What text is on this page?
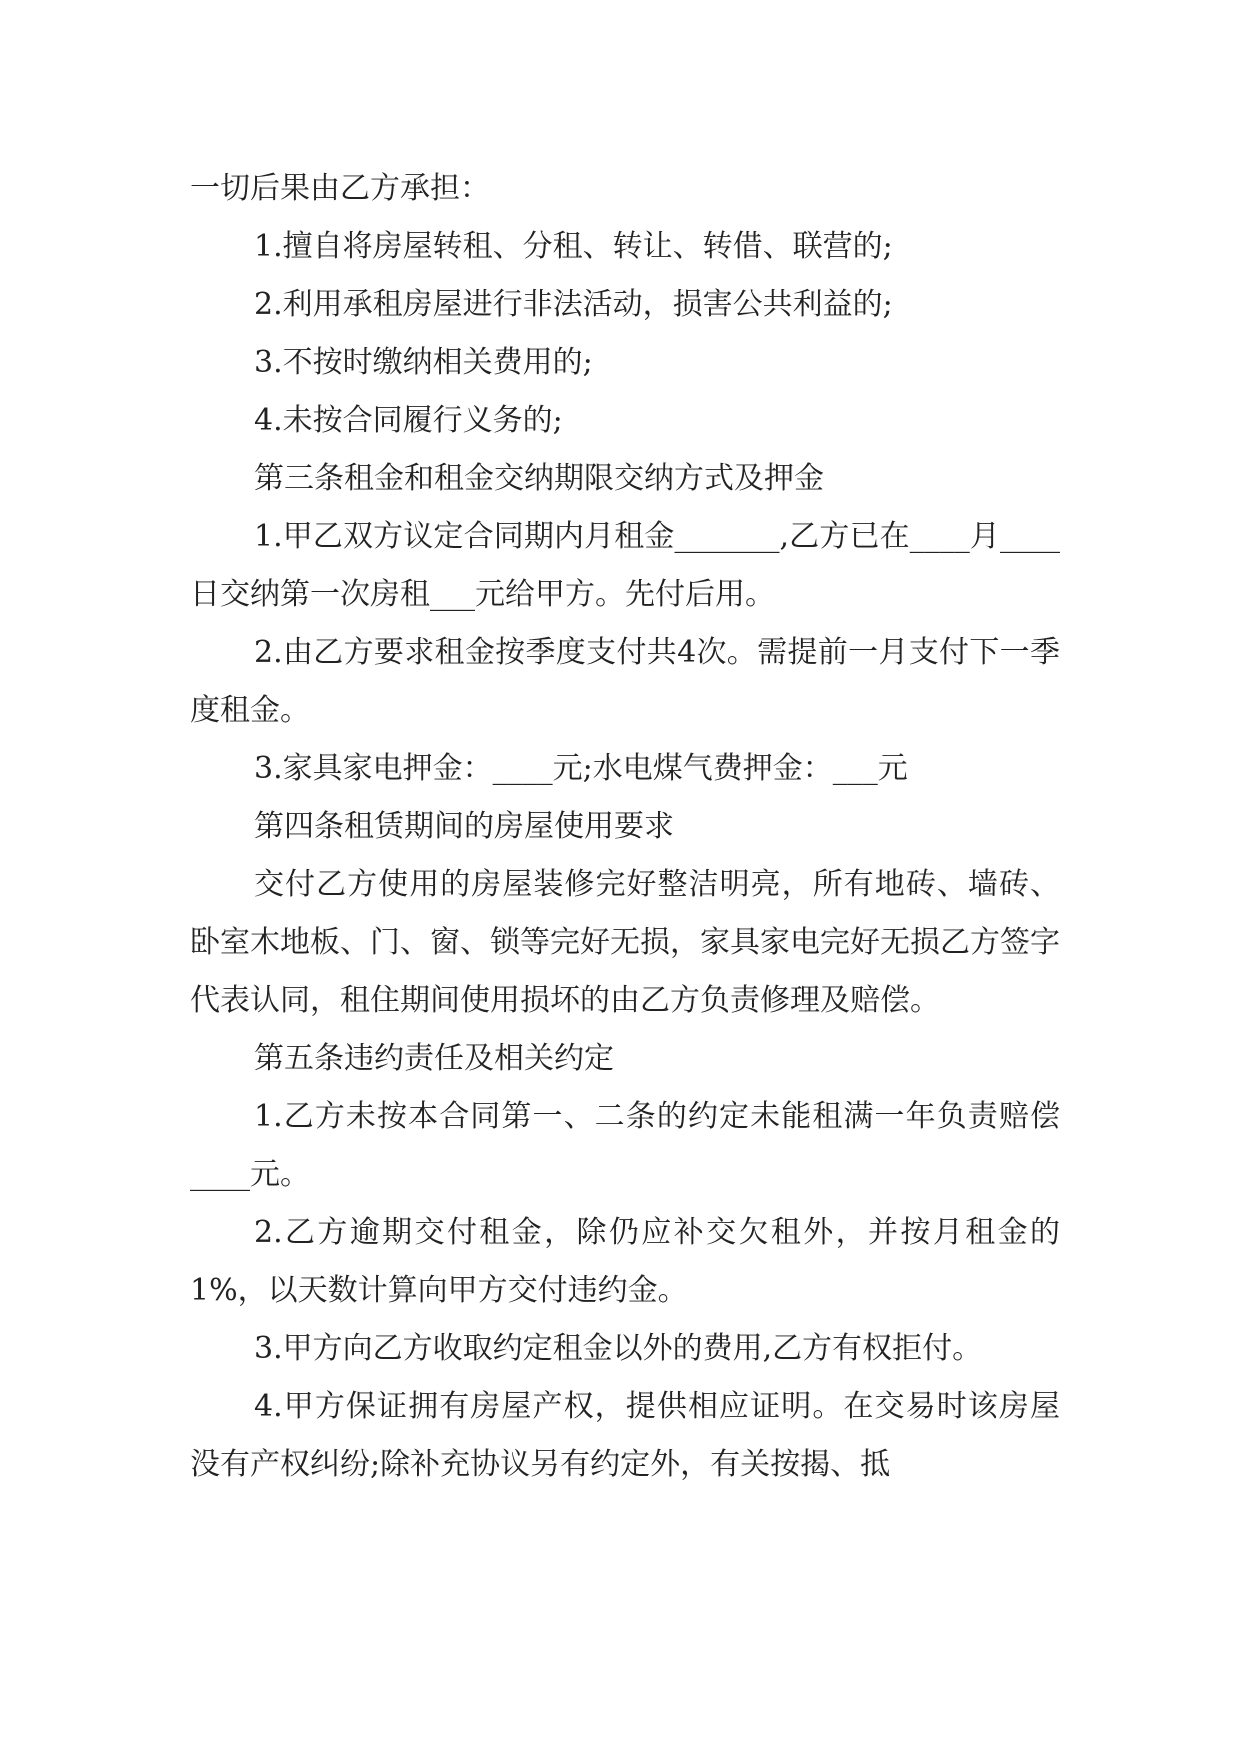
一切后果由乙方承担：

1.擅自将房屋转租、分租、转让、转借、联营的;

2.利用承租房屋进行非法活动，损害公共利益的;

3.不按时缴纳相关费用的;

4.未按合同履行义务的;

第三条租金和租金交纳期限交纳方式及押金

1.甲乙双方议定合同期内月租金_______,乙方已在____月____日交纳第一次房租___元给甲方。先付后用。

2.由乙方要求租金按季度支付共4次。需提前一月支付下一季度租金。

3.家具家电押金：____元;水电煤气费押金：___元

第四条租赁期间的房屋使用要求

交付乙方使用的房屋装修完好整洁明亮，所有地砖、墙砖、卧室木地板、门、窗、锁等完好无损，家具家电完好无损乙方签字代表认同，租住期间使用损坏的由乙方负责修理及赔偿。

第五条违约责任及相关约定

1.乙方未按本合同第一、二条的约定未能租满一年负责赔偿____元。

2.乙方逾期交付租金，除仍应补交欠租外，并按月租金的1%，以天数计算向甲方交付违约金。

3.甲方向乙方收取约定租金以外的费用,乙方有权拒付。

4.甲方保证拥有房屋产权，提供相应证明。在交易时该房屋没有产权纠纷;除补充协议另有约定外，有关按揭、抵
